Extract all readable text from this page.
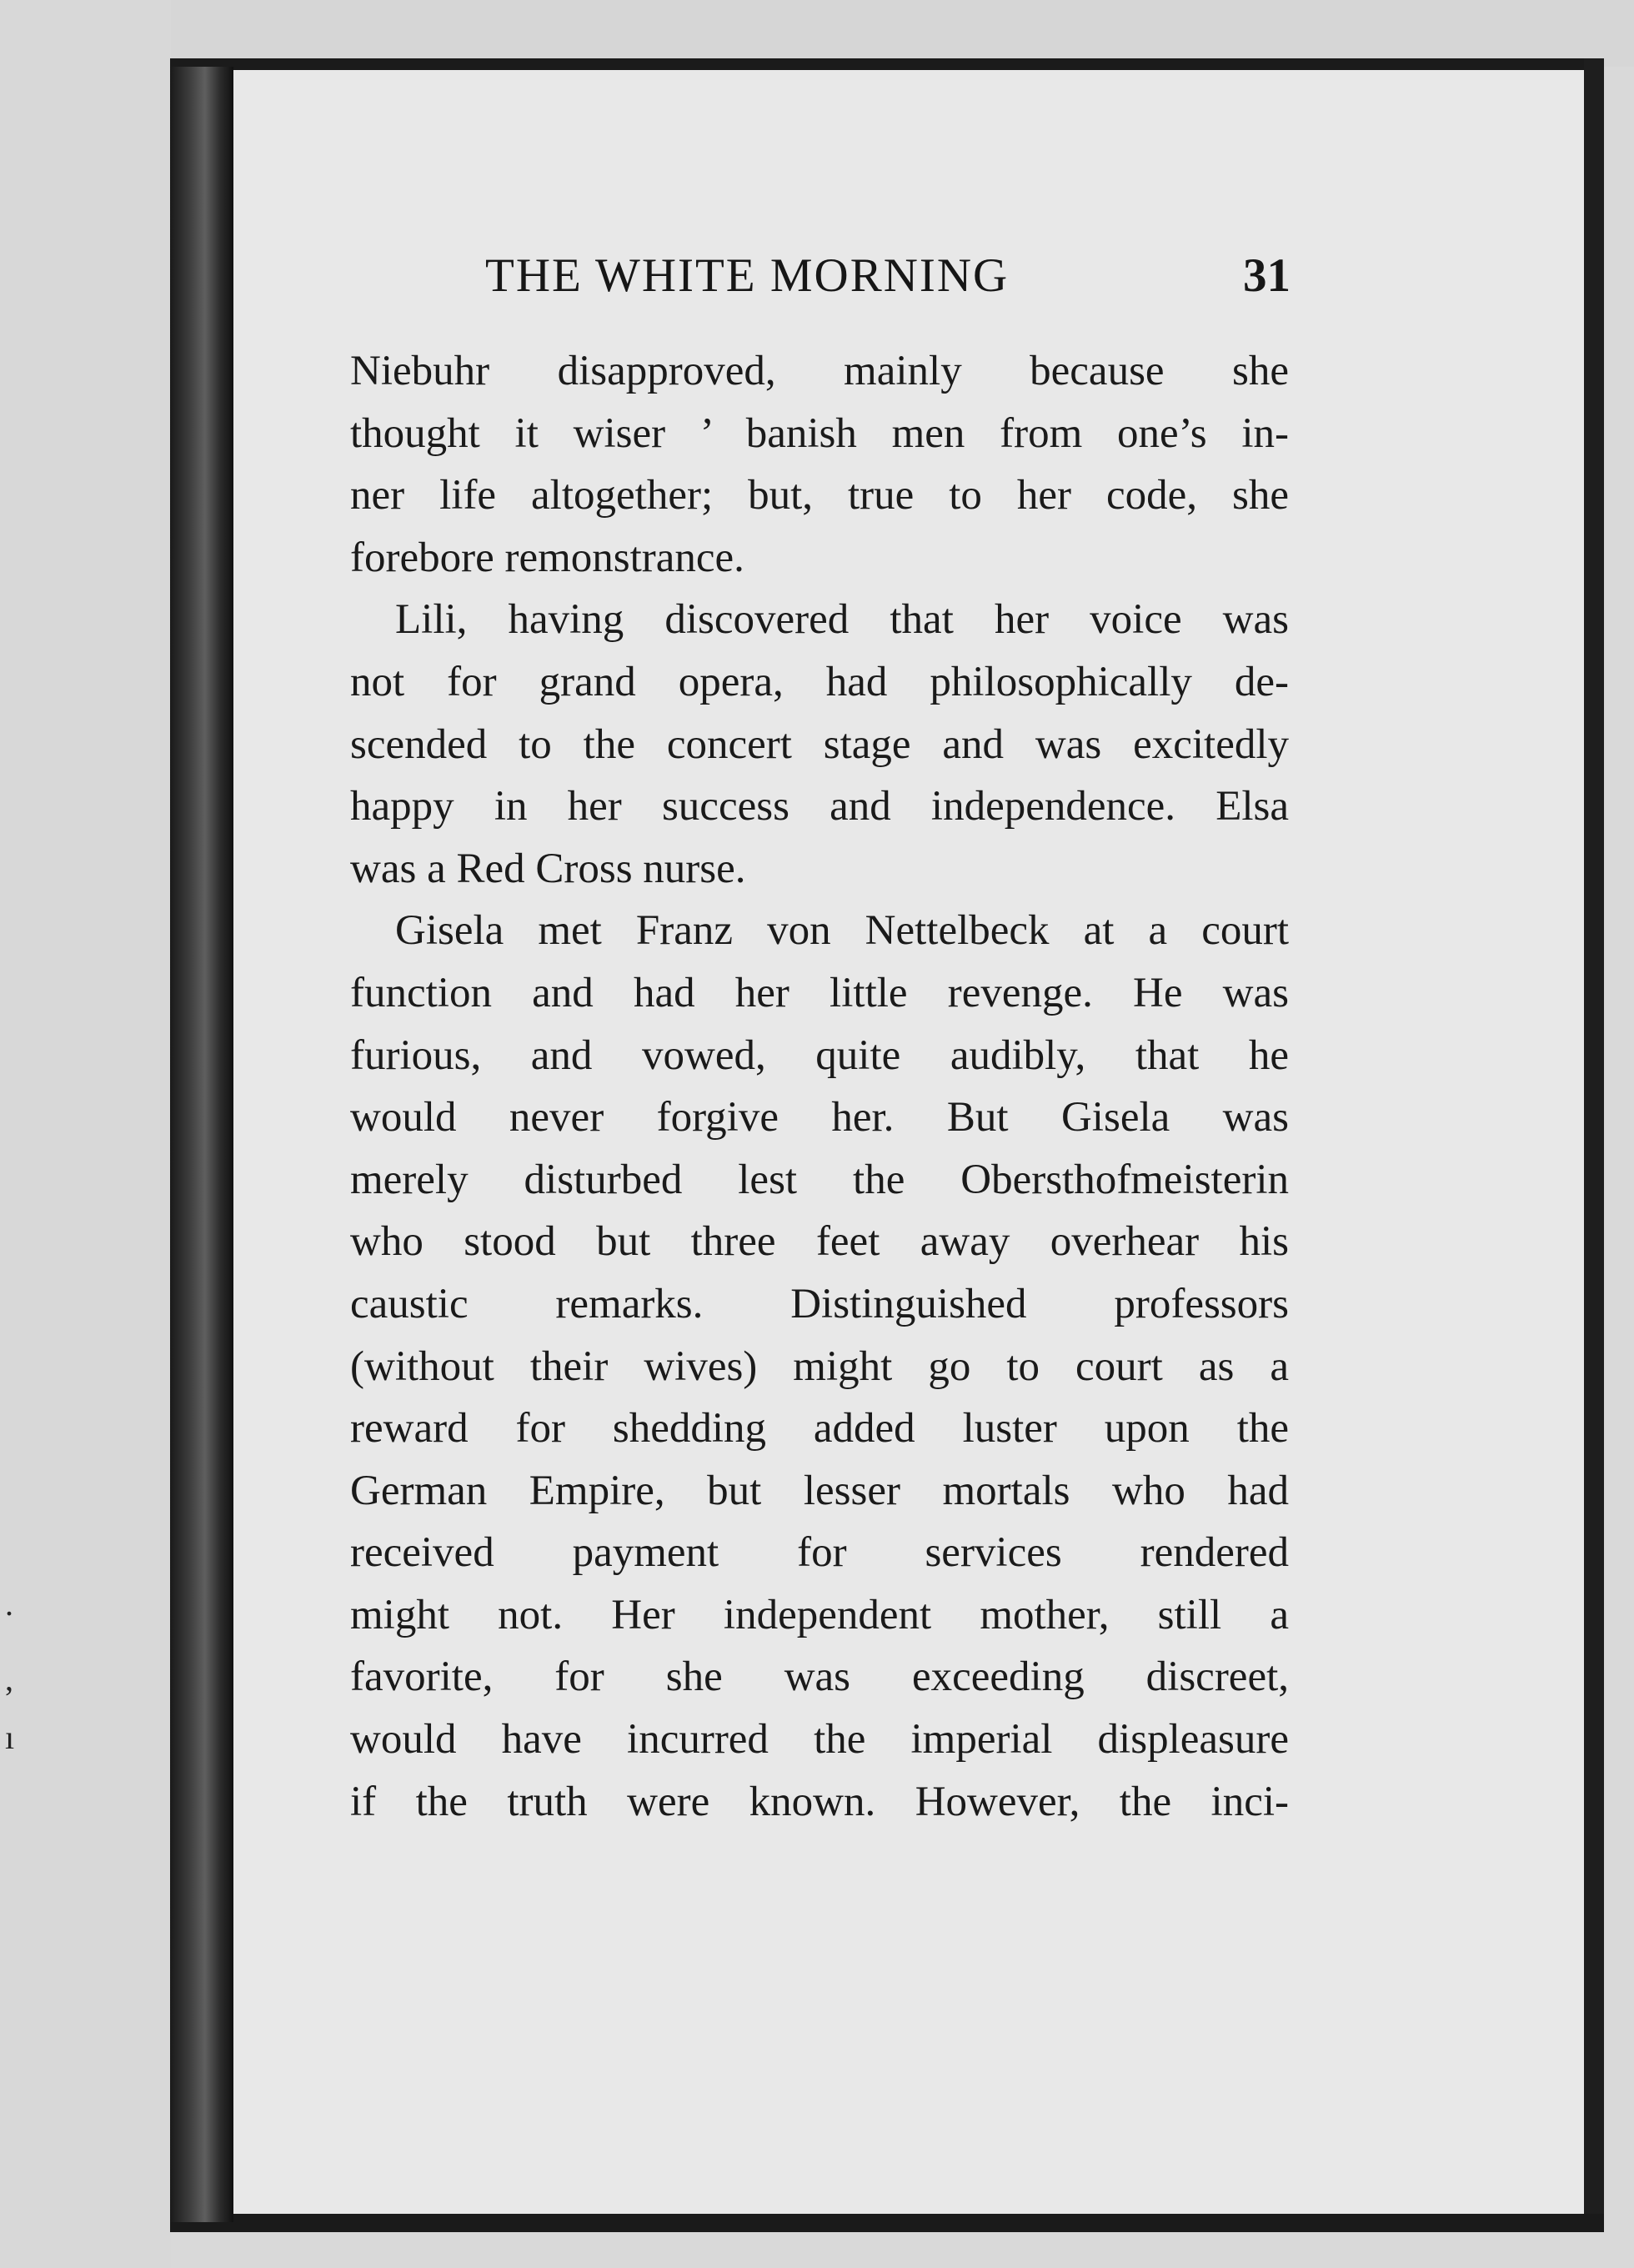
.
,
ı
THE WHITE MORNING	31
Niebuhr disapproved, mainly because she
thought it wiser ’ banish men from one’s in-
ner life altogether; but, true to her code, she
forebore remonstrance.
Lili, having discovered that her voice was
not for grand opera, had philosophically de-
scended to the concert stage and was excitedly
happy in her success and independence. Elsa
was a Red Cross nurse.
Gisela met Franz von Nettelbeck at a court
function and had her little revenge. He was
furious, and vowed, quite audibly, that he
would never forgive her. But Gisela was
merely disturbed lest the Obersthofmeisterin
who stood but three feet away overhear his
caustic remarks. Distinguished professors
(without their wives) might go to court as a
reward for shedding added luster upon the
German Empire, but lesser mortals who had
received payment for services rendered
might not. Her independent mother, still a
favorite, for she was exceeding discreet,
would have incurred the imperial displeasure
if the truth were known. However, the inci-
